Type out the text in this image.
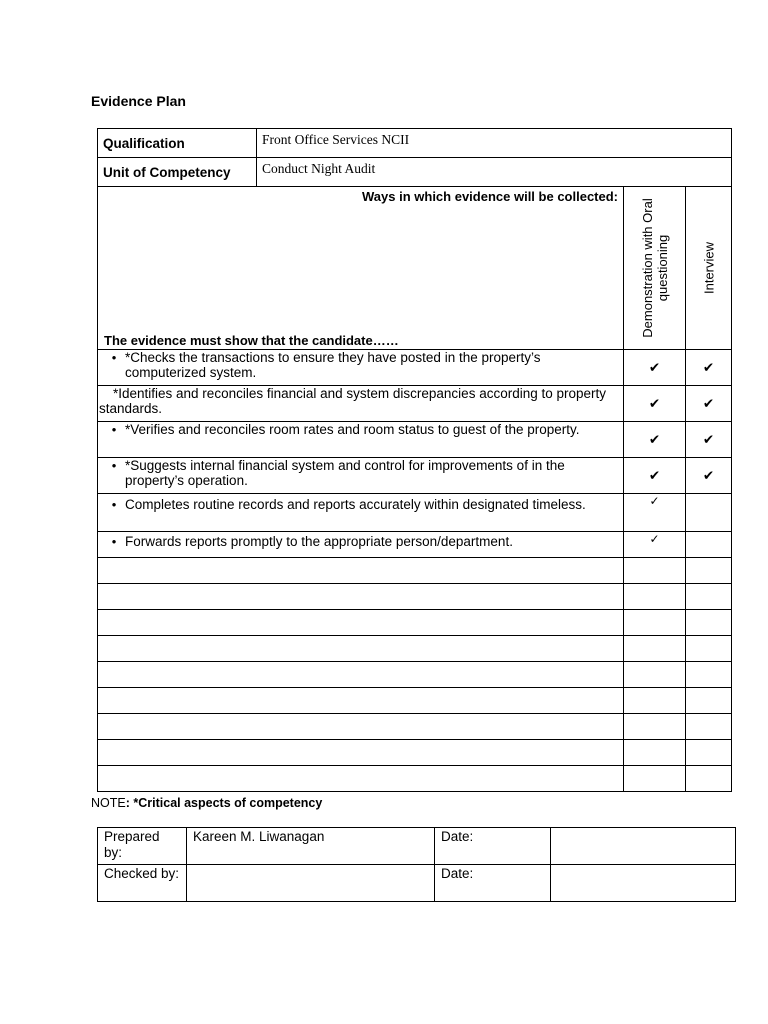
Evidence Plan
Qualification	Front Office Services NCII		
Unit of Competency	Conduct Night Audit		

Ways in which evidence will be collected:
The evidence must show that the candidate……		Demonstration with Oral questioning	Interview

• *Checks the transactions to ensure they have posted in the property’s computerized system.		✔	✔
*Identifies and reconciles financial and system discrepancies according to property standards.		✔	✔

• *Verifies and reconciles room rates and room status to guest of the property.		✔	✔

• *Suggests internal financial system and control for improvements of in the property’s operation.		✔	✔

• Completes routine records and reports accurately within designated timeless.		✓	

• Forwards reports promptly to the appropriate person/department.		✓	

NOTE: *Critical aspects of competency
Prepared by:	Kareen M. Liwanagan	Date:	
Checked by:		Date:	
